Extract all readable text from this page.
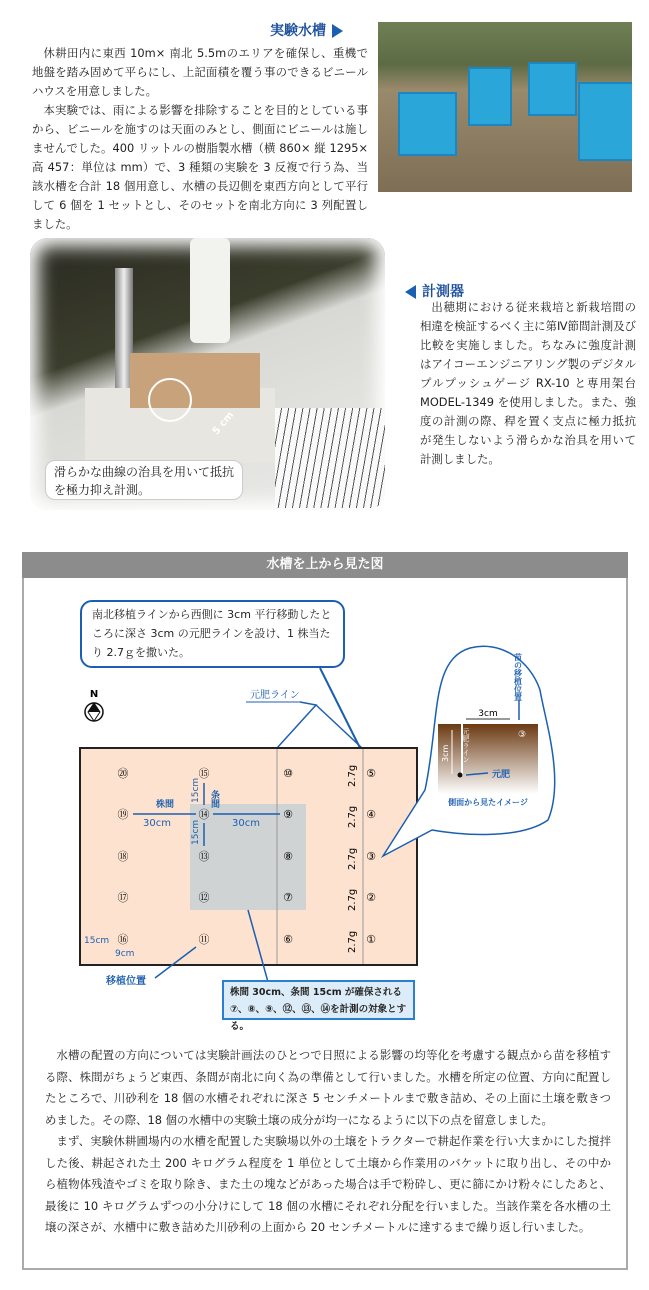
実験水槽

休耕田内に東西 10m× 南北 5.5mのエリアを確保し、重機で地盤を踏み固めて平らにし、上記面積を覆う事のできるビニールハウスを用意しました。

本実験では、雨による影響を排除することを目的としている事から、ビニールを施すのは天面のみとし、側面にビニールは施しませんでした。400 リットルの樹脂製水槽（横 860× 縦 1295× 高 457：単位は mm）で、3 種類の実験を 3 反複で行う為、当該水槽を合計 18 個用意し、水槽の長辺側を東西方向として平行して 6 個を 1 セットとし、そのセットを南北方向に 3 列配置しました。

5 cm
滑らかな曲線の治具を用いて抵抗を極力抑え計測。
計測器

出穂期における従来栽培と新栽培間の相違を検証するべく主に第Ⅳ節間計測及び比較を実施しました。ちなみに強度計測はアイコーエンジニアリング製のデジタルプルプッシュゲージ RX-10 と専用架台 MODEL-1349 を使用しました。また、強度の計測の際、稈を置く支点に極力抵抗が発生しないよう滑らかな治具を用いて計測しました。

水槽を上から見た図
南北移植ラインから西側に 3cm 平行移動したところに深さ 3cm の元肥ラインを設け、1 株当たり 2.7ｇを撒いた。
N	元肥ライン
⑳
⑲
⑱
⑰
⑯
⑮
⑭
⑬
⑫
⑪
⑩
⑨
⑧
⑦
⑥
⑤
④
③
②
①
2.7g
2.7g
2.7g
2.7g
2.7g
株間
30cm	30cm
条間
15cm
15cm
15cm
9cm
移植位置
苗の移植位置
3cm
③
3cm 元肥ライン
元肥
側面から見たイメージ
株間 30cm、条間 15cm が確保される
⑦、⑧、⑨、⑫、⑬、⑭を計測の対象とする。

水槽の配置の方向については実験計画法のひとつで日照による影響の均等化を考慮する観点から苗を移植する際、株間がちょうど東西、条間が南北に向く為の準備として行いました。水槽を所定の位置、方向に配置したところで、川砂利を 18 個の水槽それぞれに深さ 5 センチメートルまで敷き詰め、その上面に土壌を敷きつめました。その際、18 個の水槽中の実験土壌の成分が均一になるように以下の点を留意しました。

まず、実験休耕圃場内の水槽を配置した実験場以外の土壌をトラクターで耕起作業を行い大まかにした撹拌した後、耕起された土 200 キログラム程度を 1 単位として土壌から作業用のバケットに取り出し、その中から植物体残渣やゴミを取り除き、また土の塊などがあった場合は手で粉砕し、更に篩にかけ粉々にしたあと、最後に 10 キログラムずつの小分けにして 18 個の水槽にそれぞれ分配を行いました。当該作業を各水槽の土壌の深さが、水槽中に敷き詰めた川砂利の上面から 20 センチメートルに達するまで繰り返し行いました。
